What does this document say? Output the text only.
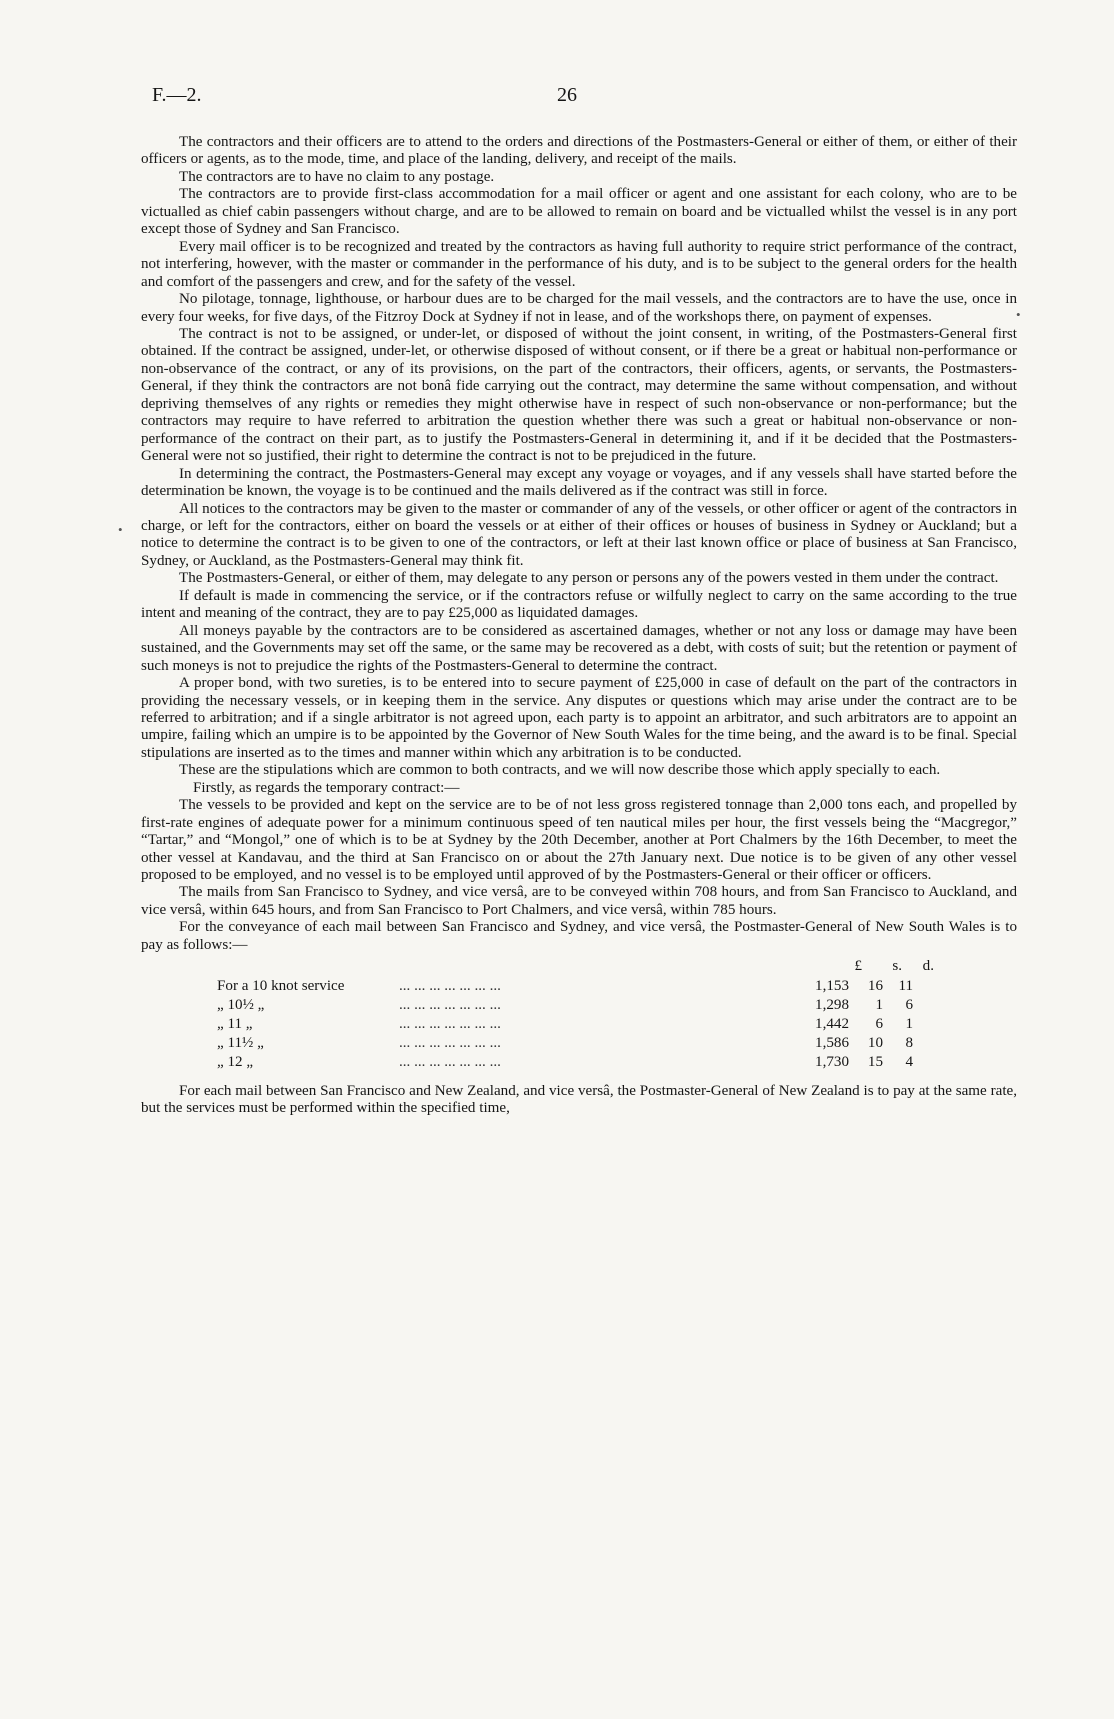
F.—2.	26

The contractors and their officers are to attend to the orders and directions of the Postmasters-General or either of them, or either of their officers or agents, as to the mode, time, and place of the landing, delivery, and receipt of the mails.

The contractors are to have no claim to any postage.

The contractors are to provide first-class accommodation for a mail officer or agent and one assistant for each colony, who are to be victualled as chief cabin passengers without charge, and are to be allowed to remain on board and be victualled whilst the vessel is in any port except those of Sydney and San Francisco.

Every mail officer is to be recognized and treated by the contractors as having full authority to require strict performance of the contract, not interfering, however, with the master or commander in the performance of his duty, and is to be subject to the general orders for the health and comfort of the passengers and crew, and for the safety of the vessel.

No pilotage, tonnage, lighthouse, or harbour dues are to be charged for the mail vessels, and the contractors are to have the use, once in every four weeks, for five days, of the Fitzroy Dock at Sydney if not in lease, and of the workshops there, on payment of expenses.

The contract is not to be assigned, or under-let, or disposed of without the joint consent, in writing, of the Postmasters-General first obtained. If the contract be assigned, under-let, or otherwise disposed of without consent, or if there be a great or habitual non-performance or non-observance of the contract, or any of its provisions, on the part of the contractors, their officers, agents, or servants, the Postmasters-General, if they think the contractors are not bonâ fide carrying out the contract, may determine the same without compensation, and without depriving themselves of any rights or remedies they might otherwise have in respect of such non-observance or non-performance; but the contractors may require to have referred to arbitration the question whether there was such a great or habitual non-observance or non-performance of the contract on their part, as to justify the Postmasters-General in determining it, and if it be decided that the Postmasters-General were not so justified, their right to determine the contract is not to be prejudiced in the future.

In determining the contract, the Postmasters-General may except any voyage or voyages, and if any vessels shall have started before the determination be known, the voyage is to be continued and the mails delivered as if the contract was still in force.

All notices to the contractors may be given to the master or commander of any of the vessels, or other officer or agent of the contractors in charge, or left for the contractors, either on board the vessels or at either of their offices or houses of business in Sydney or Auckland; but a notice to determine the contract is to be given to one of the contractors, or left at their last known office or place of business at San Francisco, Sydney, or Auckland, as the Postmasters-General may think fit.

The Postmasters-General, or either of them, may delegate to any person or persons any of the powers vested in them under the contract.

If default is made in commencing the service, or if the contractors refuse or wilfully neglect to carry on the same according to the true intent and meaning of the contract, they are to pay £25,000 as liquidated damages.

All moneys payable by the contractors are to be considered as ascertained damages, whether or not any loss or damage may have been sustained, and the Governments may set off the same, or the same may be recovered as a debt, with costs of suit; but the retention or payment of such moneys is not to prejudice the rights of the Postmasters-General to determine the contract.

A proper bond, with two sureties, is to be entered into to secure payment of £25,000 in case of default on the part of the contractors in providing the necessary vessels, or in keeping them in the service. Any disputes or questions which may arise under the contract are to be referred to arbitration; and if a single arbitrator is not agreed upon, each party is to appoint an arbitrator, and such arbitrators are to appoint an umpire, failing which an umpire is to be appointed by the Governor of New South Wales for the time being, and the award is to be final. Special stipulations are inserted as to the times and manner within which any arbitration is to be conducted.

These are the stipulations which are common to both contracts, and we will now describe those which apply specially to each.

Firstly, as regards the temporary contract:—

The vessels to be provided and kept on the service are to be of not less gross registered tonnage than 2,000 tons each, and propelled by first-rate engines of adequate power for a minimum continuous speed of ten nautical miles per hour, the first vessels being the “Macgregor,” “Tartar,” and “Mongol,” one of which is to be at Sydney by the 20th December, another at Port Chalmers by the 16th December, to meet the other vessel at Kandavau, and the third at San Francisco on or about the 27th January next. Due notice is to be given of any other vessel proposed to be employed, and no vessel is to be employed until approved of by the Postmasters-General or their officer or officers.

The mails from San Francisco to Sydney, and vice versâ, are to be conveyed within 708 hours, and from San Francisco to Auckland, and vice versâ, within 645 hours, and from San Francisco to Port Chalmers, and vice versâ, within 785 hours.

For the conveyance of each mail between San Francisco and Sydney, and vice versâ, the Postmaster-General of New South Wales is to pay as follows:—

£	s.	d.
For a 10 knot service	... ... ... ... ... ... ...	1,153	16	11
„ 10½ „	... ... ... ... ... ... ...	1,298	1	6
„ 11 „	... ... ... ... ... ... ...	1,442	6	1
„ 11½ „	... ... ... ... ... ... ...	1,586	10	8
„ 12 „	... ... ... ... ... ... ...	1,730	15	4

For each mail between San Francisco and New Zealand, and vice versâ, the Postmaster-General of New Zealand is to pay at the same rate, but the services must be performed within the specified time,

•
•
